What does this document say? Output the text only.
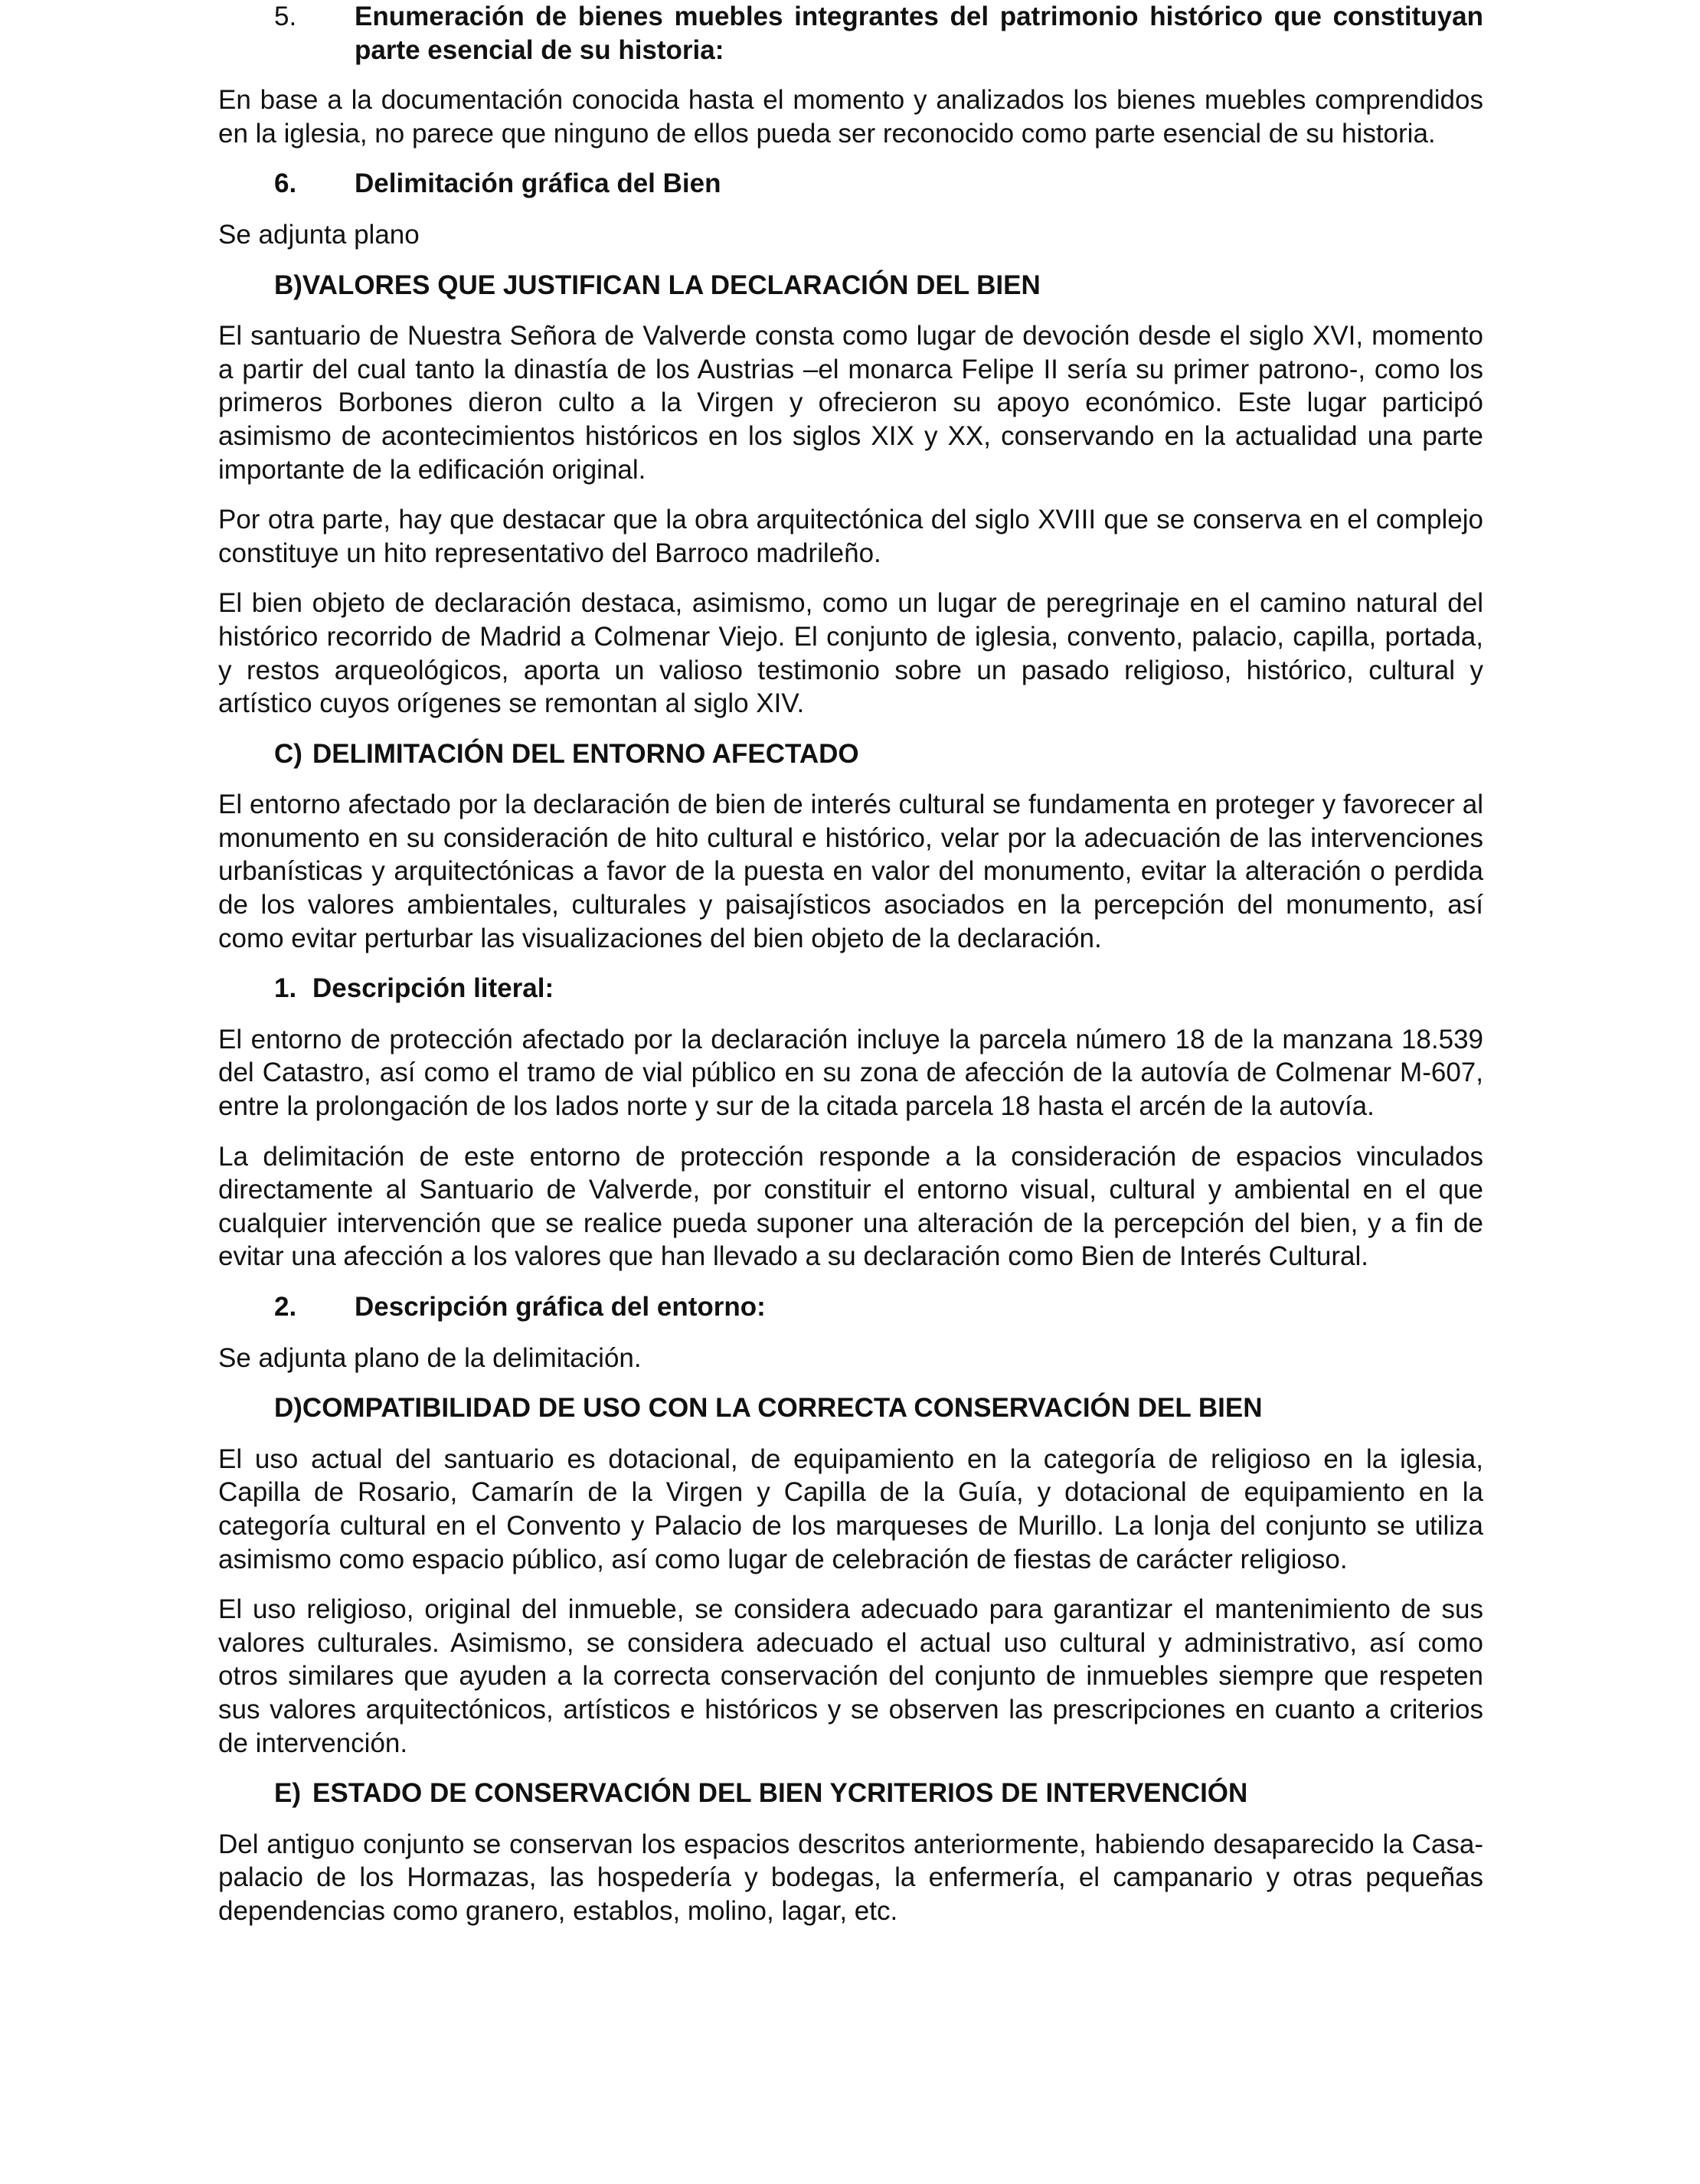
5.	Enumeración de bienes muebles integrantes del patrimonio histórico que constituyan parte esencial de su historia:

En base a la documentación conocida hasta el momento y analizados los bienes muebles comprendidos en la iglesia, no parece que ninguno de ellos pueda ser reconocido como parte esencial de su historia.

6. Delimitación gráfica del Bien

Se adjunta plano

B)VALORES QUE JUSTIFICAN LA DECLARACIÓN DEL BIEN

El santuario de Nuestra Señora de Valverde consta como lugar de devoción desde el siglo XVI, momento a partir del cual tanto la dinastía de los Austrias –el monarca Felipe II sería su primer patrono-, como los primeros Borbones dieron culto a la Virgen y ofrecieron su apoyo económico. Este lugar participó asimismo de acontecimientos históricos en los siglos XIX y XX, conservando en la actualidad una parte importante de la edificación original.

Por otra parte, hay que destacar que la obra arquitectónica del siglo XVIII que se conserva en el complejo constituye un hito representativo del Barroco madrileño.

El bien objeto de declaración destaca, asimismo, como un lugar de peregrinaje en el camino natural del histórico recorrido de Madrid a Colmenar Viejo. El conjunto de iglesia, convento, palacio, capilla, portada, y restos arqueológicos, aporta un valioso testimonio sobre un pasado religioso, histórico, cultural y artístico cuyos orígenes se remontan al siglo XIV.

C) DELIMITACIÓN DEL ENTORNO AFECTADO

El entorno afectado por la declaración de bien de interés cultural se fundamenta en proteger y favorecer al monumento en su consideración de hito cultural e histórico, velar por la adecuación de las intervenciones urbanísticas y arquitectónicas a favor de la puesta en valor del monumento, evitar la alteración o perdida de los valores ambientales, culturales y paisajísticos asociados en la percepción del monumento, así como evitar perturbar las visualizaciones del bien objeto de la declaración.

1. Descripción literal:

El entorno de protección afectado por la declaración incluye la parcela número 18 de la manzana 18.539 del Catastro, así como el tramo de vial público en su zona de afección de la autovía de Colmenar M-607, entre la prolongación de los lados norte y sur de la citada parcela 18 hasta el arcén de la autovía.

La delimitación de este entorno de protección responde a la consideración de espacios vinculados directamente al Santuario de Valverde, por constituir el entorno visual, cultural y ambiental en el que cualquier intervención que se realice pueda suponer una alteración de la percepción del bien, y a fin de evitar una afección a los valores que han llevado a su declaración como Bien de Interés Cultural.

2. Descripción gráfica del entorno:

Se adjunta plano de la delimitación.

D)COMPATIBILIDAD DE USO CON LA CORRECTA CONSERVACIÓN DEL BIEN

El uso actual del santuario es dotacional, de equipamiento en la categoría de religioso en la iglesia, Capilla de Rosario, Camarín de la Virgen y Capilla de la Guía, y dotacional de equipamiento en la categoría cultural en el Convento y Palacio de los marqueses de Murillo. La lonja del conjunto se utiliza asimismo como espacio público, así como lugar de celebración de fiestas de carácter religioso.

El uso religioso, original del inmueble, se considera adecuado para garantizar el mantenimiento de sus valores culturales. Asimismo, se considera adecuado el actual uso cultural y administrativo, así como otros similares que ayuden a la correcta conservación del conjunto de inmuebles siempre que respeten sus valores arquitectónicos, artísticos e históricos y se observen las prescripciones en cuanto a criterios de intervención.

E) ESTADO DE CONSERVACIÓN DEL BIEN YCRITERIOS DE INTERVENCIÓN

Del antiguo conjunto se conservan los espacios descritos anteriormente, habiendo desaparecido la Casa-palacio de los Hormazas, las hospedería y bodegas, la enfermería, el campanario y otras pequeñas dependencias como granero, establos, molino, lagar, etc.
